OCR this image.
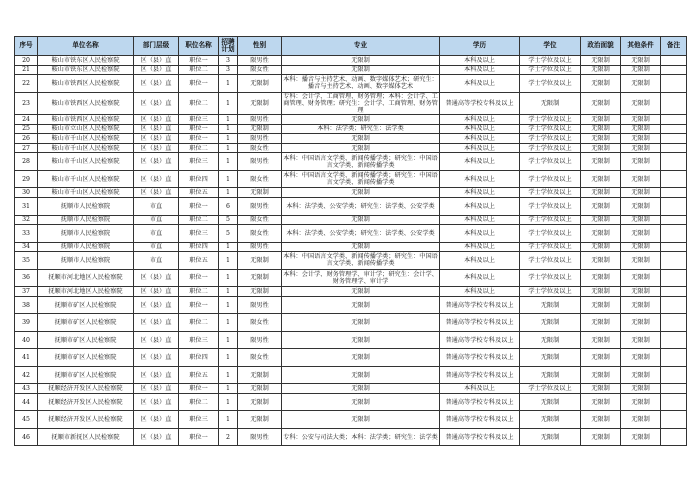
序号	单位名称	部门层级	职位名称	招聘计划	性别	专业	学历	学位	政治面貌	其他条件	备注
20	鞍山市铁东区人民检察院	区（县）直	职位一	3	限男性	无限制	本科及以上	学士学位及以上	无限制	无限制	
21	鞍山市铁东区人民检察院	区（县）直	职位二	3	限女性	无限制	本科及以上	学士学位及以上	无限制	无限制	
22	鞍山市铁西区人民检察院	区（县）直	职位一	1	无限制	本科：播音与主持艺术、动画、数字媒体艺术；研究生：播音与主持艺术、动画、数字媒体艺术	本科及以上	学士学位及以上	无限制	无限制	
23	鞍山市铁西区人民检察院	区（县）直	职位二	1	无限制	专科：会计学、工商管理、财务管理；本科：会计学、工商管理、财务管理；研究生：会计学、工商管理、财务管理	普通高等学校专科及以上	无限制	无限制	无限制	
24	鞍山市铁西区人民检察院	区（县）直	职位三	1	限男性	无限制	本科及以上	学士学位及以上	无限制	无限制	
25	鞍山市立山区人民检察院	区（县）直	职位一	1	无限制	本科：法学类；研究生：法学类	本科及以上	学士学位及以上	无限制	无限制	
26	鞍山市千山区人民检察院	区（县）直	职位一	1	限男性	无限制	本科及以上	学士学位及以上	无限制	无限制	
27	鞍山市千山区人民检察院	区（县）直	职位二	1	限女性	无限制	本科及以上	学士学位及以上	无限制	无限制	
28	鞍山市千山区人民检察院	区（县）直	职位三	1	限男性	本科：中国语言文学类、新闻传播学类；研究生：中国语言文学类、新闻传播学类	本科及以上	学士学位及以上	无限制	无限制	
29	鞍山市千山区人民检察院	区（县）直	职位四	1	限女性	本科：中国语言文学类、新闻传播学类；研究生：中国语言文学类、新闻传播学类	本科及以上	学士学位及以上	无限制	无限制	
30	鞍山市千山区人民检察院	区（县）直	职位五	1	无限制	无限制	本科及以上	学士学位及以上	无限制	无限制	
31	抚顺市人民检察院	市直	职位一	6	限男性	本科：法学类、公安学类；研究生：法学类、公安学类	本科及以上	学士学位及以上	无限制	无限制	
32	抚顺市人民检察院	市直	职位二	5	限女性	无限制	本科及以上	学士学位及以上	无限制	无限制	
33	抚顺市人民检察院	市直	职位三	5	限女性	本科：法学类、公安学类；研究生：法学类、公安学类	本科及以上	学士学位及以上	无限制	无限制	
34	抚顺市人民检察院	市直	职位四	1	限男性	无限制	本科及以上	学士学位及以上	无限制	无限制	
35	抚顺市人民检察院	市直	职位五	1	无限制	本科：中国语言文学类、新闻传播学类；研究生：中国语言文学类、新闻传播学类	本科及以上	学士学位及以上	无限制	无限制	
36	抚顺市河北地区人民检察院	区（县）直	职位一	1	无限制	本科：会计学、财务管理学、审计学；研究生：会计学、财务管理学、审计学	本科及以上	学士学位及以上	无限制	无限制	
37	抚顺市河北地区人民检察院	区（县）直	职位二	1	无限制	无限制	本科及以上	学士学位及以上	无限制	无限制	
38	抚顺市矿区人民检察院	区（县）直	职位一	1	限男性	无限制	普通高等学校专科及以上	无限制	无限制	无限制	
39	抚顺市矿区人民检察院	区（县）直	职位二	1	限女性	无限制	普通高等学校专科及以上	无限制	无限制	无限制	
40	抚顺市矿区人民检察院	区（县）直	职位三	1	限男性	无限制	普通高等学校专科及以上	无限制	无限制	无限制	
41	抚顺市矿区人民检察院	区（县）直	职位四	1	限女性	无限制	普通高等学校专科及以上	无限制	无限制	无限制	
42	抚顺市矿区人民检察院	区（县）直	职位五	1	无限制	无限制	普通高等学校专科及以上	无限制	无限制	无限制	
43	抚顺经济开发区人民检察院	区（县）直	职位一	1	无限制	无限制	本科及以上	学士学位及以上	无限制	无限制	
44	抚顺经济开发区人民检察院	区（县）直	职位二	1	无限制	无限制	普通高等学校专科及以上	无限制	无限制	无限制	
45	抚顺经济开发区人民检察院	区（县）直	职位三	1	无限制	无限制	普通高等学校专科及以上	无限制	无限制	无限制	
46	抚顺市新抚区人民检察院	区（县）直	职位一	2	限男性	专科：公安与司法大类；本科：法学类；研究生：法学类	普通高等学校专科及以上	无限制	无限制	无限制	
